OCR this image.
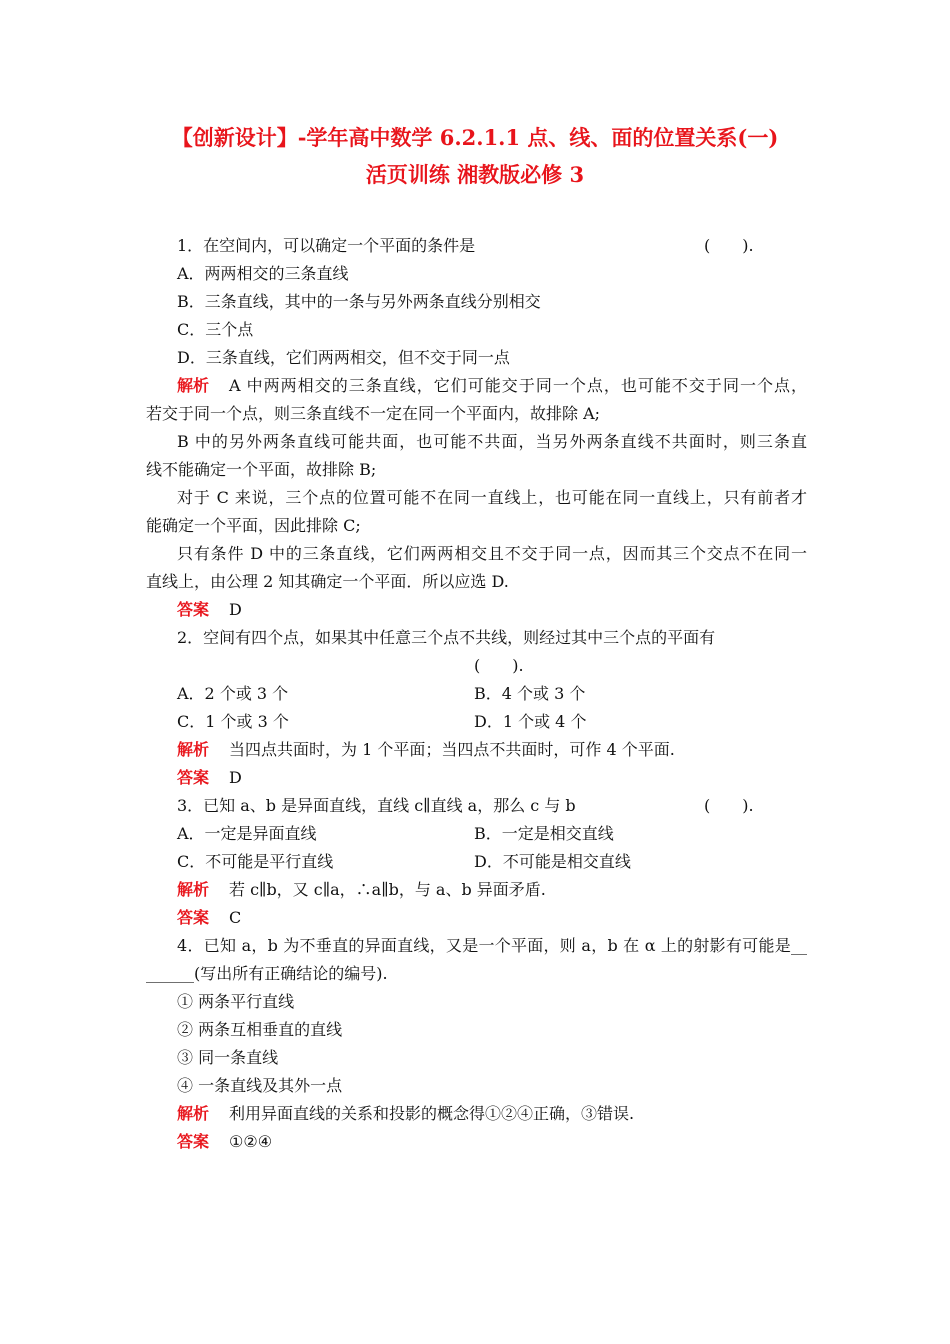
【创新设计】-学年高中数学 6.2.1.1 点、线、面的位置关系(一)
活页训练 湘教版必修 3
1．在空间内，可以确定一个平面的条件是	(　　).
A．两两相交的三条直线
B．三条直线，其中的一条与另外两条直线分别相交
C．三个点
D．三条直线，它们两两相交，但不交于同一点
解析 A 中两两相交的三条直线，它们可能交于同一个点，也可能不交于同一个点，
若交于同一个点，则三条直线不一定在同一个平面内，故排除 A;
B 中的另外两条直线可能共面，也可能不共面，当另外两条直线不共面时，则三条直
线不能确定一个平面，故排除 B;
对于 C 来说，三个点的位置可能不在同一直线上，也可能在同一直线上，只有前者才
能确定一个平面，因此排除 C;
只有条件 D 中的三条直线，它们两两相交且不交于同一点，因而其三个交点不在同一
直线上，由公理 2 知其确定一个平面．所以应选 D.
答案 D
2．空间有四个点，如果其中任意三个点不共线，则经过其中三个点的平面有
(　　).
A．2 个或 3 个	B．4 个或 3 个
C．1 个或 3 个	D．1 个或 4 个
解析 当四点共面时，为 1 个平面；当四点不共面时，可作 4 个平面.
答案 D
3．已知 a、b 是异面直线，直线 c∥直线 a，那么 c 与 b	(　　).
A．一定是异面直线	B．一定是相交直线
C．不可能是平行直线	D．不可能是相交直线
解析 若 c∥b，又 c∥a，∴a∥b，与 a、b 异面矛盾.
答案 C
4．已知 a，b 为不垂直的异面直线，又是一个平面，则 a，b 在 α 上的射影有可能是__
______(写出所有正确结论的编号).
① 两条平行直线
② 两条互相垂直的直线
③ 同一条直线
④ 一条直线及其外一点
解析 利用异面直线的关系和投影的概念得①②④正确，③错误.
答案 ①②④
